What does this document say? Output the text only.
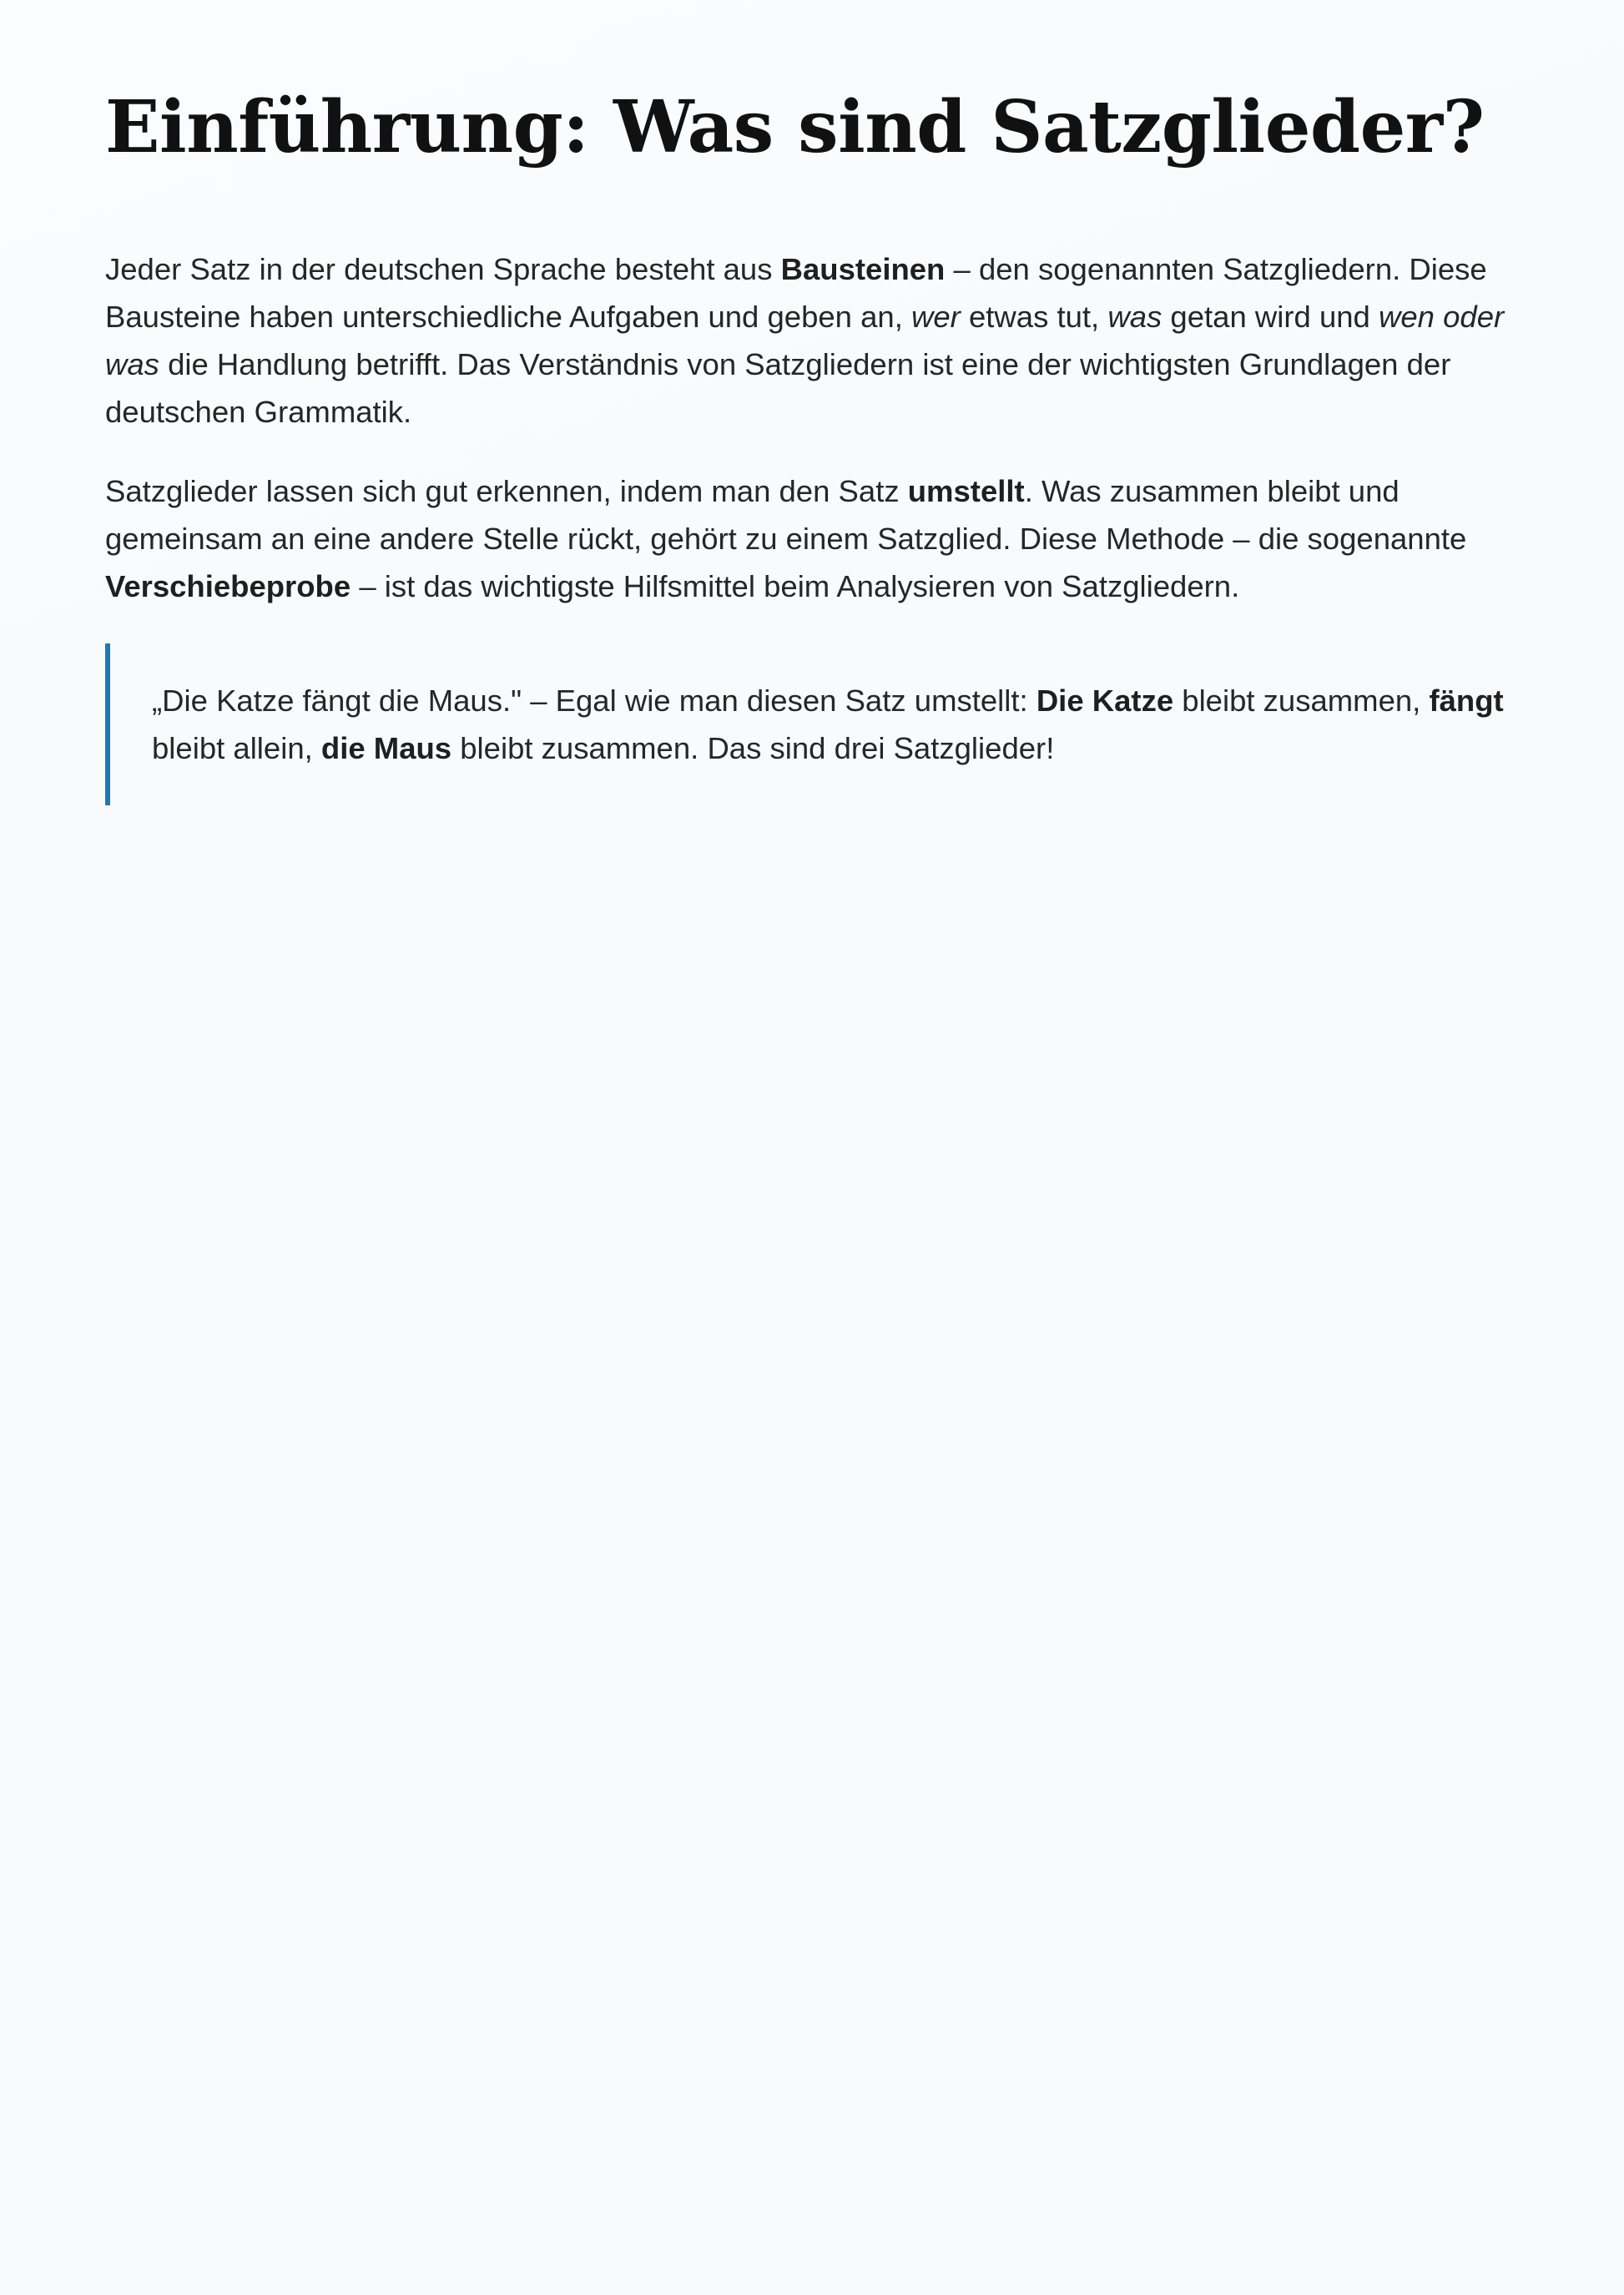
Einführung: Was sind Satzglieder?

Jeder Satz in der deutschen Sprache besteht aus Bausteinen – den sogenannten Satzgliedern. Diese Bausteine haben unterschiedliche Aufgaben und geben an, wer etwas tut, was getan wird und wen oder was die Handlung betrifft. Das Verständnis von Satzgliedern ist eine der wichtigsten Grundlagen der deutschen Grammatik.

Satzglieder lassen sich gut erkennen, indem man den Satz umstellt. Was zusammen bleibt und gemeinsam an eine andere Stelle rückt, gehört zu einem Satzglied. Diese Methode – die sogenannte Verschiebeprobe – ist das wichtigste Hilfsmittel beim Analysieren von Satzgliedern.

„Die Katze fängt die Maus." – Egal wie man diesen Satz umstellt: Die Katze bleibt zusammen, fängt bleibt allein, die Maus bleibt zusammen. Das sind drei Satzglieder!
